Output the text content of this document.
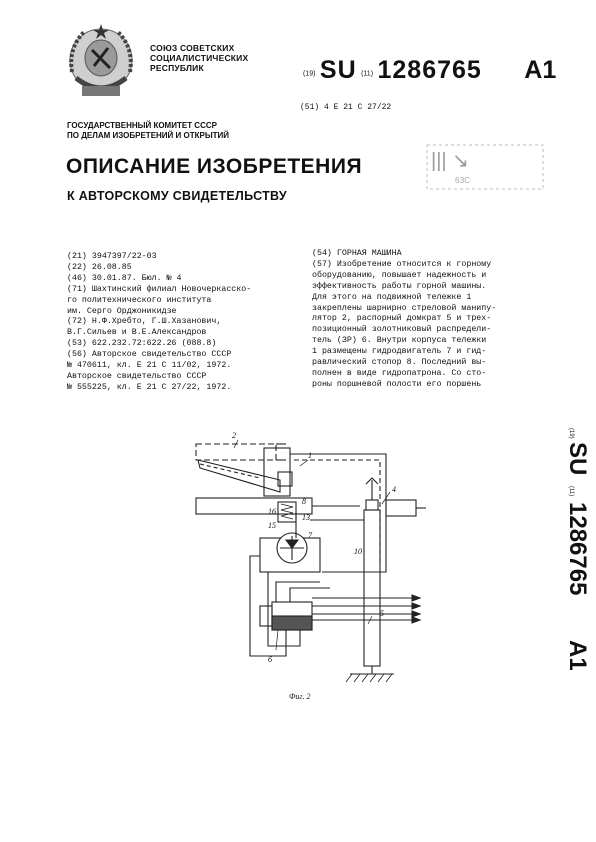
СОЮЗ СОВЕТСКИХ
СОЦИАЛИСТИЧЕСКИХ
РЕСПУБЛИК
(19) SU (11) 1286765 A1
(51) 4 E 21 C 27/22
ГОСУДАРСТВЕННЫЙ КОМИТЕТ СССР
ПО ДЕЛАМ ИЗОБРЕТЕНИЙ И ОТКРЫТИЙ
ОПИСАНИЕ ИЗОБРЕТЕНИЯ
К АВТОРСКОМУ СВИДЕТЕЛЬСТВУ
||| ↘
6ЗС
(21) 3947397/22-03
(22) 26.08.85
(46) 30.01.87. Бюл. № 4
(71) Шахтинский филиал Новочеркасско-
го политехнического института
им. Серго Орджоникидзе
(72) Н.Ф.Хребто, Г.Ш.Хазанович,
В.Г.Сильев и В.Е.Александров
(53) 622.232.72:622.26 (088.8)
(56) Авторское свидетельство СССР
№ 470611, кл. Е 21 С 11/02, 1972.
Авторское свидетельство СССР
№ 555225, кл. Е 21 С 27/22, 1972.
(54) ГОРНАЯ МАШИНА
(57) Изобретение относится к горному
оборудованию, повышает надежность и
эффективность работы горной машины.
Для этого на подвижной тележке 1
закреплены шарнирно стреловой манипу-
лятор 2, распорный домкрат 5 и трех-
позиционный золотниковый распредели-
тель (ЗР) 6. Внутри корпуса тележки
1 размещены гидродвигатель 7 и гид-
равлический стопор 8. Последний вы-
полнен в виде гидропатрона. Со сто-
роны поршневой полости его поршень
(19)
SU
(11)
1286765
A1
2
1
4
8
13
15
7
10
16
5
6
Фиг. 2
